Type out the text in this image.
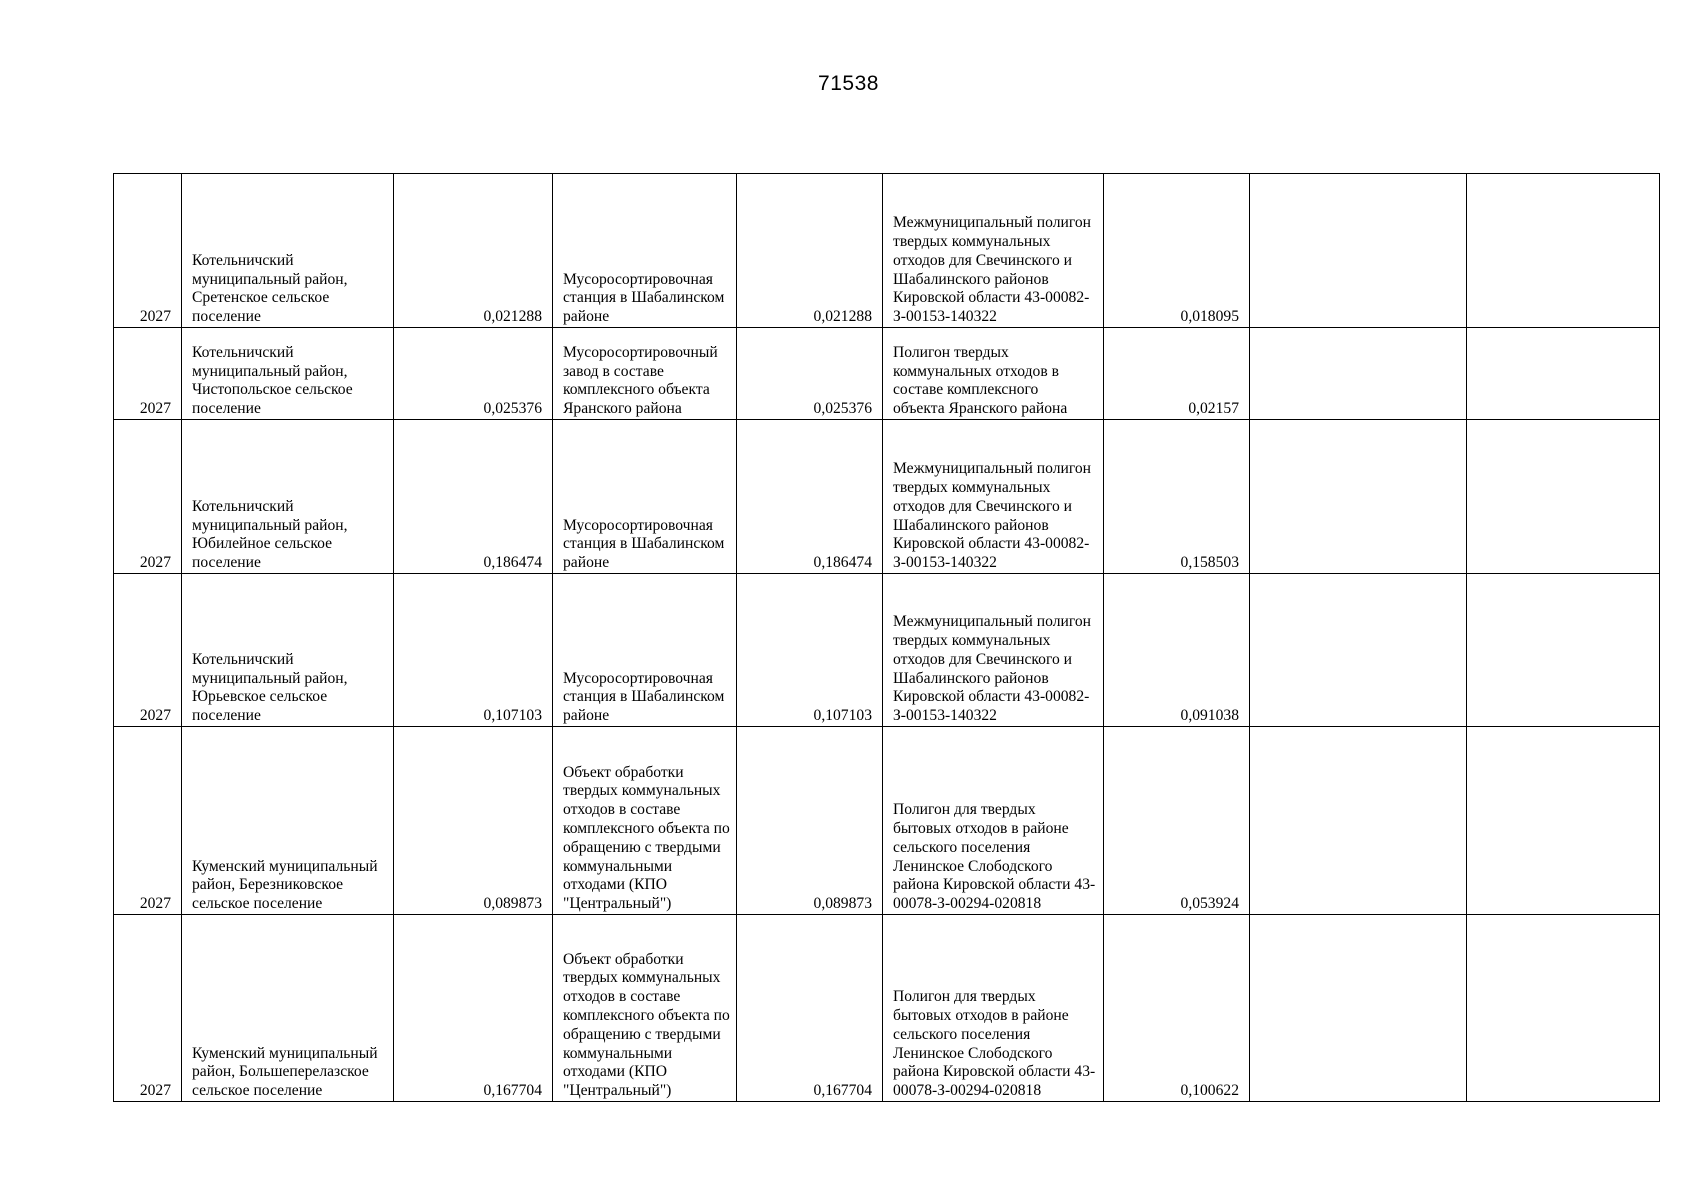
71538
2027	Котельничский муниципальный район, Сретенское сельское поселение	0,021288	Мусоросортировочная станция в Шабалинском районе	0,021288	Межмуниципальный полигон твердых коммунальных отходов для Свечинского и Шабалинского районов Кировской области 43-00082-З-00153-140322	0,018095		
2027	Котельничский муниципальный район, Чистопольское сельское поселение	0,025376	Мусоросортировочный завод в составе комплексного объекта Яранского района	0,025376	Полигон твердых коммунальных отходов в составе комплексного объекта Яранского района	0,02157		
2027	Котельничский муниципальный район, Юбилейное сельское поселение	0,186474	Мусоросортировочная станция в Шабалинском районе	0,186474	Межмуниципальный полигон твердых коммунальных отходов для Свечинского и Шабалинского районов Кировской области 43-00082-З-00153-140322	0,158503		
2027	Котельничский муниципальный район, Юрьевское сельское поселение	0,107103	Мусоросортировочная станция в Шабалинском районе	0,107103	Межмуниципальный полигон твердых коммунальных отходов для Свечинского и Шабалинского районов Кировской области 43-00082-З-00153-140322	0,091038		
2027	Куменский муниципальный район, Березниковское сельское поселение	0,089873	Объект обработки твердых коммунальных отходов в составе комплексного объекта по обращению с твердыми коммунальными отходами (КПО "Центральный")	0,089873	Полигон для твердых бытовых отходов в районе сельского поселения Ленинское Слободского района Кировской области 43-00078-З-00294-020818	0,053924		
2027	Куменский муниципальный район, Большеперелазское сельское поселение	0,167704	Объект обработки твердых коммунальных отходов в составе комплексного объекта по обращению с твердыми коммунальными отходами (КПО "Центральный")	0,167704	Полигон для твердых бытовых отходов в районе сельского поселения Ленинское Слободского района Кировской области 43-00078-З-00294-020818	0,100622		
